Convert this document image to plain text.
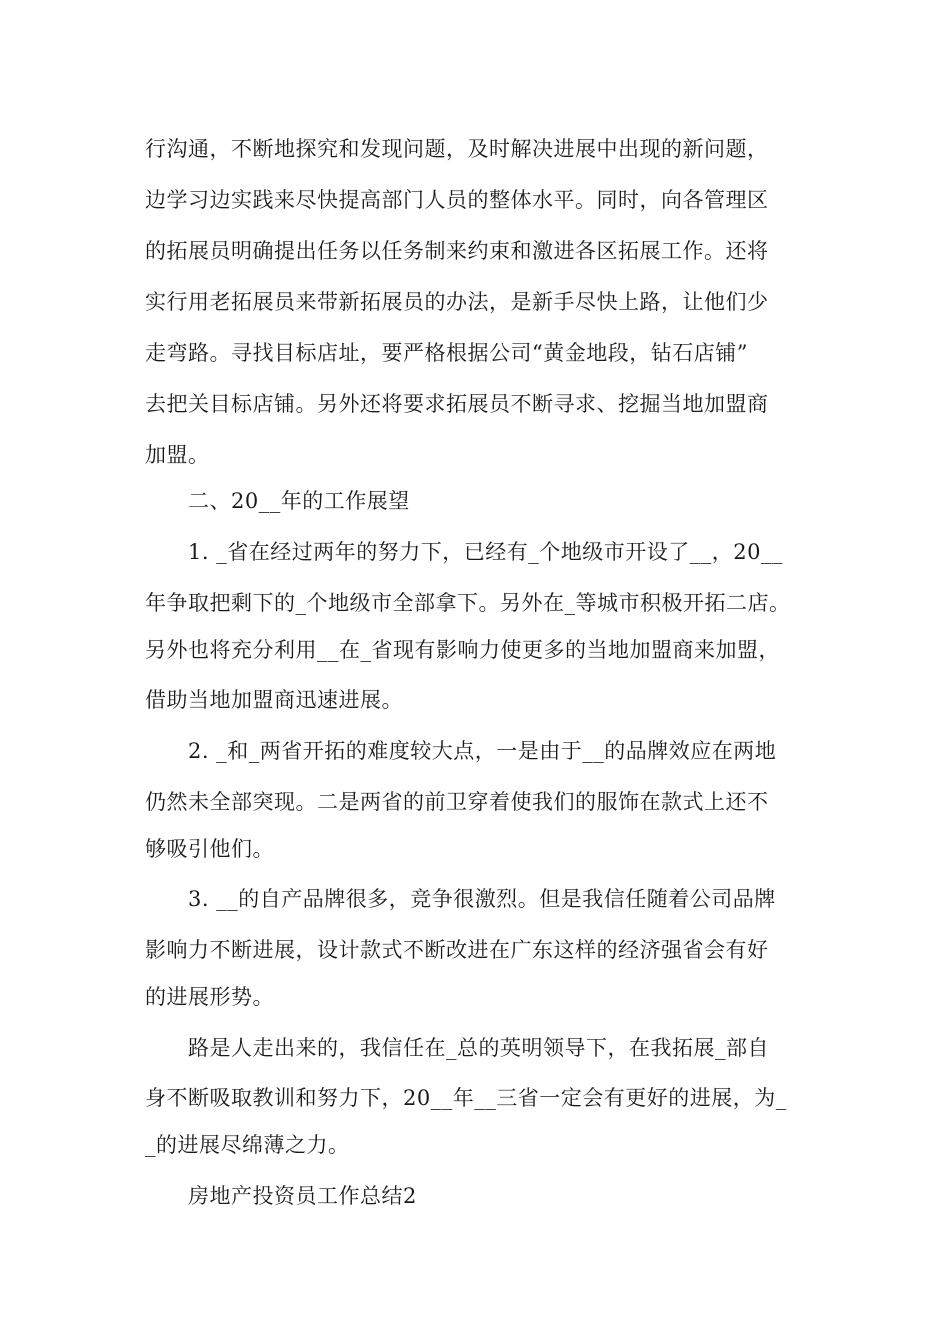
行沟通，不断地探究和发现问题，及时解决进展中出现的新问题，
边学习边实践来尽快提高部门人员的整体水平。同时，向各管理区
的拓展员明确提出任务以任务制来约束和激进各区拓展工作。还将
实行用老拓展员来带新拓展员的办法，是新手尽快上路，让他们少
走弯路。寻找目标店址，要严格根据公司“黄金地段，钻石店铺”
去把关目标店铺。另外还将要求拓展员不断寻求、挖掘当地加盟商
加盟。
二、20__年的工作展望
1. _省在经过两年的努力下，已经有_个地级市开设了__，20__
年争取把剩下的_个地级市全部拿下。另外在_等城市积极开拓二店。
另外也将充分利用__在_省现有影响力使更多的当地加盟商来加盟，
借助当地加盟商迅速进展。
2. _和_两省开拓的难度较大点，一是由于__的品牌效应在两地
仍然未全部突现。二是两省的前卫穿着使我们的服饰在款式上还不
够吸引他们。
3. __的自产品牌很多，竞争很激烈。但是我信任随着公司品牌
影响力不断进展，设计款式不断改进在广东这样的经济强省会有好
的进展形势。
路是人走出来的，我信任在_总的英明领导下，在我拓展_部自
身不断吸取教训和努力下，20__年__三省一定会有更好的进展，为_
_的进展尽绵薄之力。
房地产投资员工作总结2
